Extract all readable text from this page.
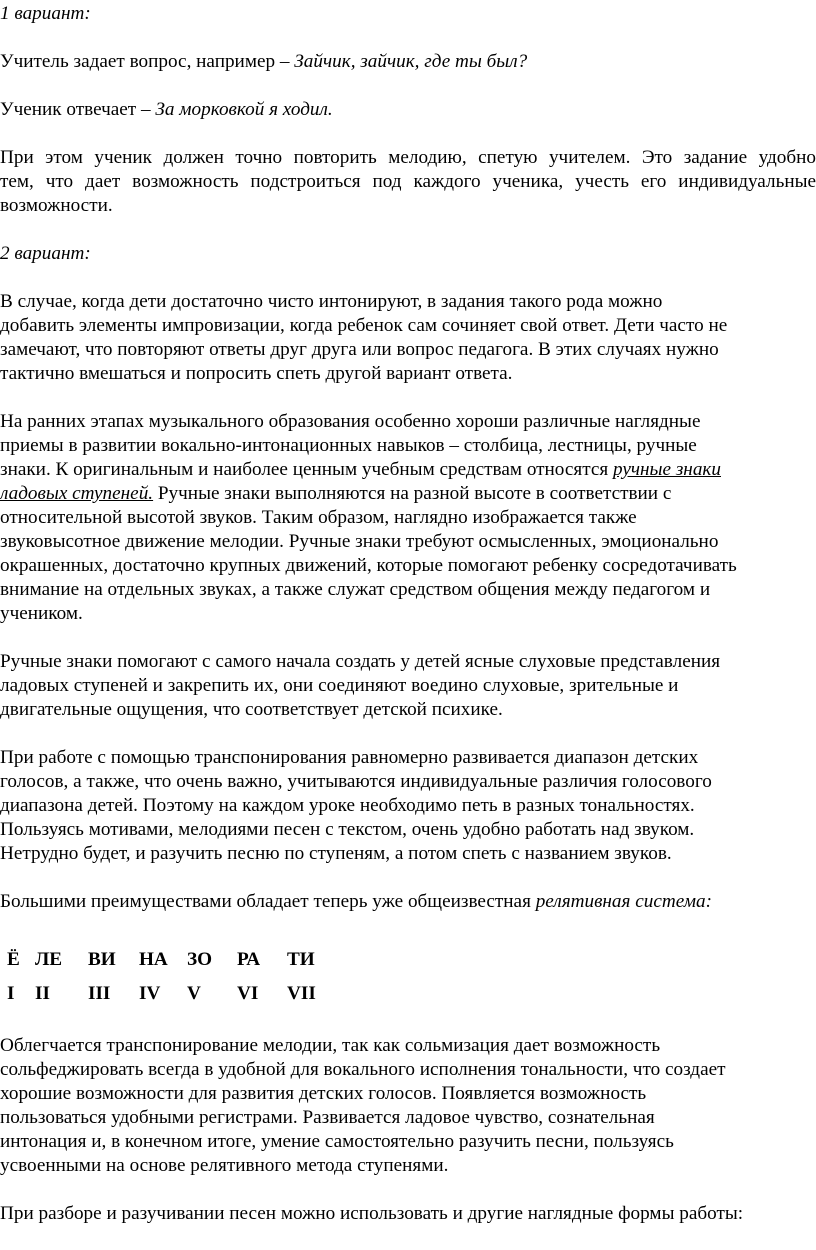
1 вариант:

Учитель задает вопрос, например – Зайчик, зайчик, где ты был?

Ученик отвечает – За морковкой я ходил.

При этом ученик должен точно повторить мелодию, спетую учителем. Это задание удобно
тем, что дает возможность подстроиться под каждого ученика, учесть его индивидуальные
возможности.

2 вариант:

В случае, когда дети достаточно чисто интонируют, в задания такого рода можно
добавить элементы импровизации, когда ребенок сам сочиняет свой ответ. Дети часто не
замечают, что повторяют ответы друг друга или вопрос педагога. В этих случаях нужно
тактично вмешаться и попросить спеть другой вариант ответа.
На ранних этапах музыкального образования особенно хороши различные наглядные
приемы в развитии вокально-интонационных навыков – столбица, лестницы, ручные
знаки. К оригинальным и наиболее ценным учебным средствам относятся ручные знаки
ладовых ступеней. Ручные знаки выполняются на разной высоте в соответствии с
относительной высотой звуков. Таким образом, наглядно изображается также
звуковысотное движение мелодии. Ручные знаки требуют осмысленных, эмоционально
окрашенных, достаточно крупных движений, которые помогают ребенку сосредотачивать
внимание на отдельных звуках, а также служат средством общения между педагогом и
учеником.
Ручные знаки помогают с самого начала создать у детей ясные слуховые представления
ладовых ступеней и закрепить их, они соединяют воедино слуховые, зрительные и
двигательные ощущения, что соответствует детской психике.
При работе с помощью транспонирования равномерно развивается диапазон детских
голосов, а также, что очень важно, учитываются индивидуальные различия голосового
диапазона детей. Поэтому на каждом уроке необходимо петь в разных тональностях.
Пользуясь мотивами, мелодиями песен с текстом, очень удобно работать над звуком.
Нетрудно будет, и разучить песню по ступеням, а потом спеть с названием звуков.

Большими преимуществами обладает теперь уже общеизвестная релятивная система:

Ё	ЛЕ	ВИ	НА	ЗО	РА	ТИ
I	II	III	IV	V	VI	VII
Облегчается транспонирование мелодии, так как сольмизация дает возможность
сольфеджировать всегда в удобной для вокального исполнения тональности, что создает
хорошие возможности для развития детских голосов. Появляется возможность
пользоваться удобными регистрами. Развивается ладовое чувство, сознательная
интонация и, в конечном итоге, умение самостоятельно разучить песни, пользуясь
усвоенными на основе релятивного метода ступенями.

При разборе и разучивании песен можно использовать и другие наглядные формы работы:
